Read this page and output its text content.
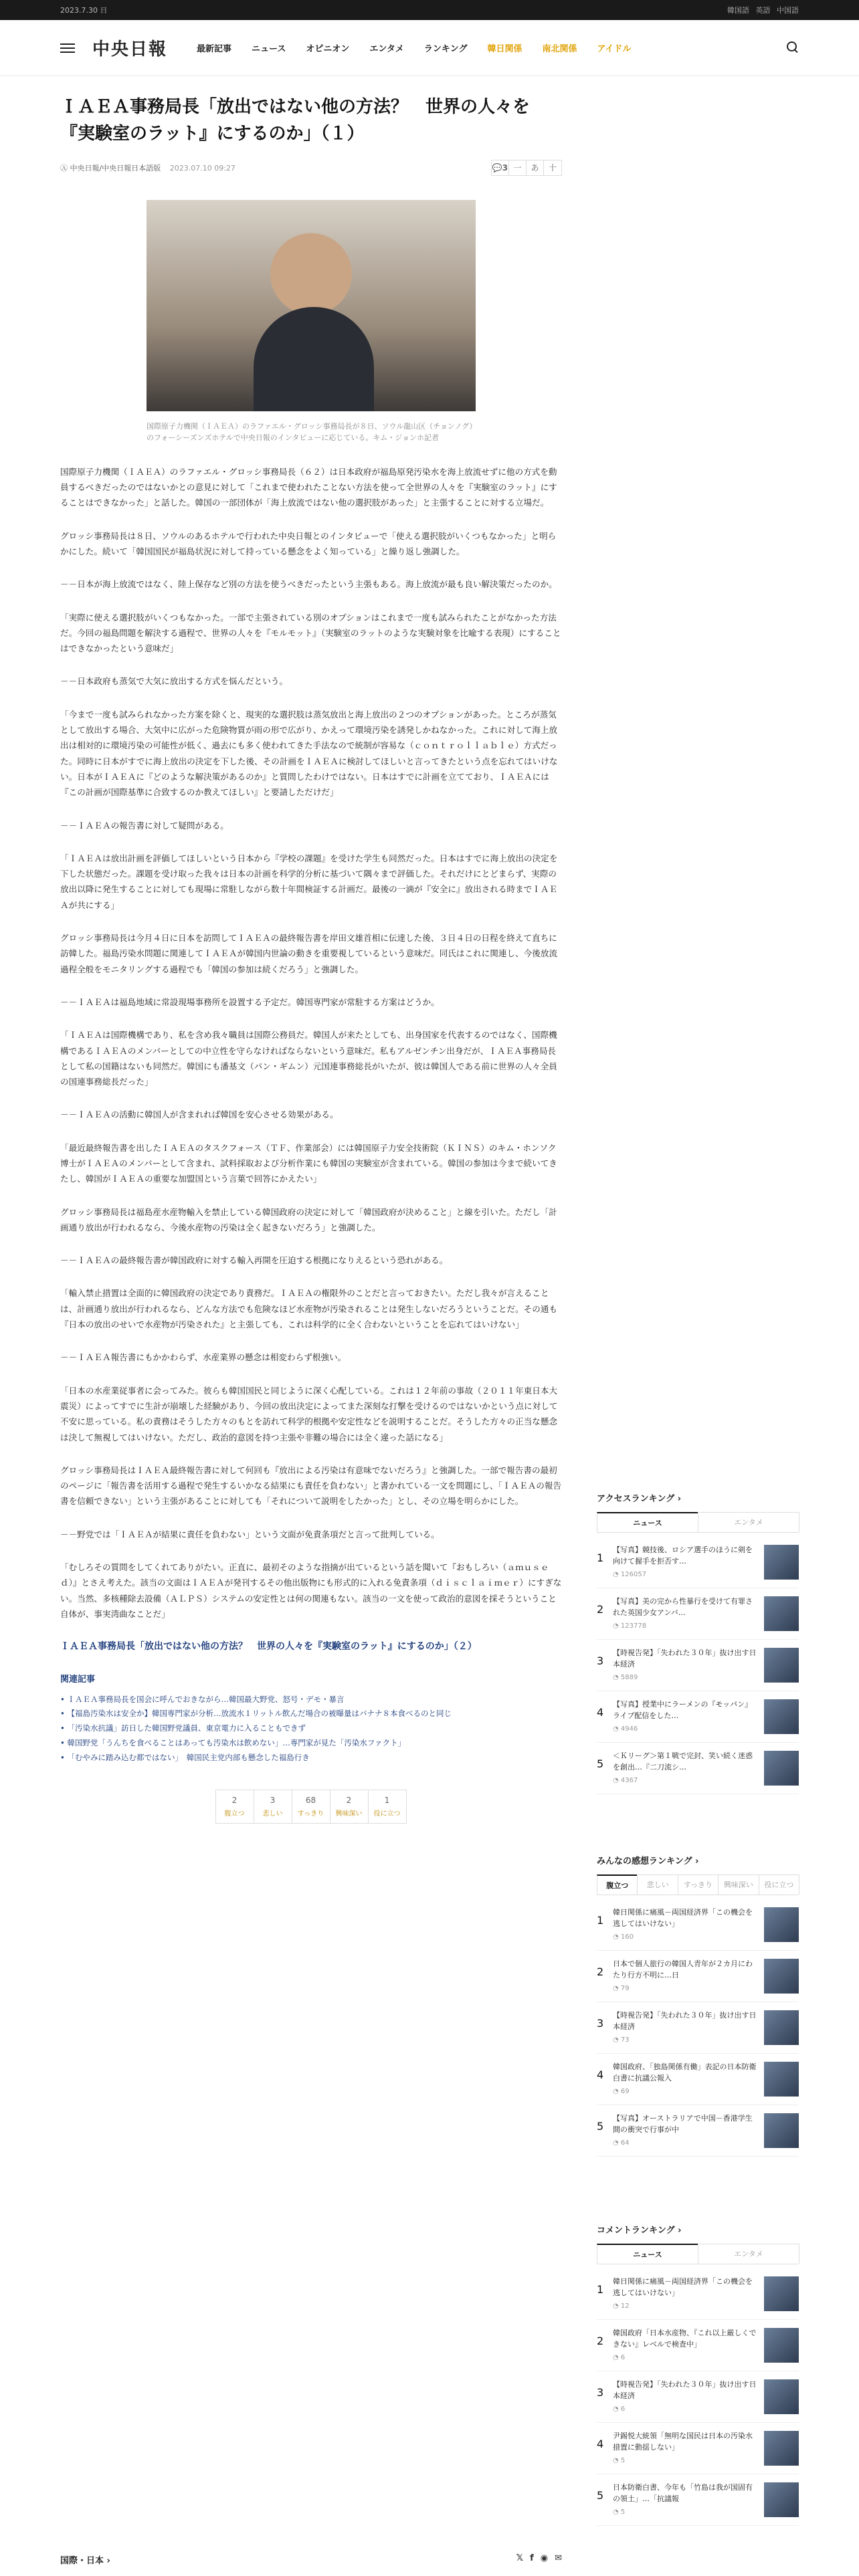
2023.7.30 日	韓国語 英語 中国語
中央日報	最新記事 ニュース オピニオン エンタメ ランキング 韓日関係 南北関係 アイドル
ＩＡＥＡ事務局長「放出ではない他の方法？　世界の人々を『実験室のラット』にするのか」（１）
Ⓐ 中央日報/中央日報日本語版 2023.07.10 09:27	💬 3 一	あ	十
国際原子力機関（ＩＡＥＡ）のラファエル・グロッシ事務局長が８日、ソウル龍山区（チョンノグ）のフォーシーズンズホテルで中央日報のインタビューに応じている。キム・ジョンホ記者

国際原子力機関（ＩＡＥＡ）のラファエル・グロッシ事務局長（６２）は日本政府が福島原発汚染水を海上放流せずに他の方式を動員するべきだったのではないかとの意見に対して「これまで使われたことない方法を使って全世界の人々を『実験室のラット』にすることはできなかった」と話した。韓国の一部団体が「海上放流ではない他の選択肢があった」と主張することに対する立場だ。

グロッシ事務局長は８日、ソウルのあるホテルで行われた中央日報とのインタビューで「使える選択肢がいくつもなかった」と明らかにした。続いて「韓国国民が福島状況に対して持っている懸念をよく知っている」と繰り返し強調した。

－－日本が海上放流ではなく、陸上保存など別の方法を使うべきだったという主張もある。海上放流が最も良い解決策だったのか。

「実際に使える選択肢がいくつもなかった。一部で主張されている別のオプションはこれまで一度も試みられたことがなかった方法だ。今回の福島問題を解決する過程で、世界の人々を『モルモット』（実験室のラットのような実験対象を比喩する表現）にすることはできなかったという意味だ」

－－日本政府も蒸気で大気に放出する方式を悩んだという。

「今まで一度も試みられなかった方案を除くと、現実的な選択肢は蒸気放出と海上放出の２つのオプションがあった。ところが蒸気として放出する場合、大気中に広がった危険物質が雨の形で広がり、かえって環境汚染を誘発しかねなかった。これに対して海上放出は相対的に環境汚染の可能性が低く、過去にも多く使われてきた手法なので統制が容易な（ｃｏｎｔｒｏｌｌａｂｌｅ）方式だった。同時に日本がすでに海上放出の決定を下した後、その計画をＩＡＥＡに検討してほしいと言ってきたという点を忘れてはいけない。日本がＩＡＥＡに『どのような解決策があるのか』と質問したわけではない。日本はすでに計画を立てており、ＩＡＥＡには『この計画が国際基準に合致するのか教えてほしい』と要請しただけだ」

－－ＩＡＥＡの報告書に対して疑問がある。

「ＩＡＥＡは放出計画を評価してほしいという日本から『学校の課題』を受けた学生も同然だった。日本はすでに海上放出の決定を下した状態だった。課題を受け取った我々は日本の計画を科学的分析に基づいて隅々まで評価した。それだけにとどまらず、実際の放出以降に発生することに対しても現場に常駐しながら数十年間検証する計画だ。最後の一滴が『安全に』放出される時までＩＡＥＡが共にする」

グロッシ事務局長は今月４日に日本を訪問してＩＡＥＡの最終報告書を岸田文雄首相に伝達した後、３日４日の日程を終えて直ちに訪韓した。福島汚染水問題に関連してＩＡＥＡが韓国内世論の動きを重要視しているという意味だ。同氏はこれに関連し、今後放流過程全般をモニタリングする過程でも「韓国の参加は続くだろう」と強調した。

－－ＩＡＥＡは福島地域に常設現場事務所を設置する予定だ。韓国専門家が常駐する方案はどうか。

「ＩＡＥＡは国際機構であり、私を含め我々職員は国際公務員だ。韓国人が来たとしても、出身国家を代表するのではなく、国際機構であるＩＡＥＡのメンバーとしての中立性を守らなければならないという意味だ。私もアルゼンチン出身だが、ＩＡＥＡ事務局長として私の国籍はないも同然だ。韓国にも潘基文（パン・ギムン）元国連事務総長がいたが、彼は韓国人である前に世界の人々全員の国連事務総長だった」

－－ＩＡＥＡの活動に韓国人が含まれれば韓国を安心させる効果がある。

「最近最終報告書を出したＩＡＥＡのタスクフォース（ＴＦ、作業部会）には韓国原子力安全技術院（ＫＩＮＳ）のキム・ホンソク博士がＩＡＥＡのメンバーとして含まれ、試料採取および分析作業にも韓国の実験室が含まれている。韓国の参加は今まで続いてきたし、韓国がＩＡＥＡの重要な加盟国という言葉で回答にかえたい」

グロッシ事務局長は福島産水産物輸入を禁止している韓国政府の決定に対して「韓国政府が決めること」と線を引いた。ただし「計画通り放出が行われるなら、今後水産物の汚染は全く起きないだろう」と強調した。

－－ＩＡＥＡの最終報告書が韓国政府に対する輸入再開を圧迫する根拠になりえるという恐れがある。

「輸入禁止措置は全面的に韓国政府の決定であり責務だ。ＩＡＥＡの権限外のことだと言っておきたい。ただし我々が言えることは、計画通り放出が行われるなら、どんな方法でも危険なほど水産物が汚染されることは発生しないだろうということだ。その通も『日本の放出のせいで水産物が汚染された』と主張しても、これは科学的に全く合わないということを忘れてはいけない」

－－ＩＡＥＡ報告書にもかかわらず、水産業界の懸念は相変わらず根強い。

「日本の水産業従事者に会ってみた。彼らも韓国国民と同じように深く心配している。これは１２年前の事故（２０１１年東日本大震災）によってすでに生計が崩壊した経験があり、今回の放出決定によってまた深刻な打撃を受けるのではないかという点に対して不安に思っている。私の責務はそうした方々のもとを訪れて科学的根拠や安定性などを説明することだ。そうした方々の正当な懸念は決して無視してはいけない。ただし、政治的意図を持つ主張や非難の場合には全く違った話になる」

グロッシ事務局長はＩＡＥＡ最終報告書に対して何回も『放出による汚染は有意味でないだろう』と強調した。一部で報告書の最初のページに「報告書を活用する過程で発生するいかなる結果にも責任を負わない」と書かれている一文を問題にし、「ＩＡＥＡの報告書を信頼できない」という主張があることに対しても「それについて説明をしたかった」とし、その立場を明らかにした。

－－野党では「ＩＡＥＡが結果に責任を負わない」という文面が免責条項だと言って批判している。

「むしろその質問をしてくれてありがたい。正直に、最初そのような指摘が出ているという話を聞いて『おもしろい（ａｍｕｓｅｄ）』とさえ考えた。該当の文面はＩＡＥＡが発刊するその他出版物にも形式的に入れる免責条項（ｄｉｓｃｌａｉｍｅｒ）にすぎない。当然、多核種除去設備（ＡＬＰＳ）システムの安定性とは何の関連もない。該当の一文を使って政治的意図を採そうということ自体が、事実湾曲なことだ」

ＩＡＥＡ事務局長「放出ではない他の方法？　世界の人々を『実験室のラット』にするのか」（２）
関連記事
• ＩＡＥＡ事務局長を国会に呼んでおきながら…韓国最大野党、怒号・デモ・暴言
• 【福島汚染水は安全か】韓国専門家が分析…放流水１リットル飲んだ場合の被曝量はバナナ８本食べるのと同じ
• 「汚染水抗議」訪日した韓国野党議員、東京電力に入ることもできず
• 韓国野党「うんちを食べることはあっても汚染水は飲めない」…専門家が見た「汚染水ファクト」
• 「むやみに踏み込む都ではない」　韓国民主党内部も懸念した福島行き
2
腹立つ
3
悲しい
68
すっきり
2
興味深い
1
役に立つ
国際・日本 ›	𝕏 f ◉ ✉
アクセスランキング ›
ニュース	エンタメ
1
【写真】競技後、ロシア選手のほうに剣を向けて握手を拒否す…
◔ 126057
2
【写真】美の完から性暴行を受けて有罪された英国少女アンバ…
◔ 123778
3
【時視告発】「失われた３０年」抜け出す日本経済
◔ 5889
4
【写真】授業中にラーメンの『モッパン』ライブ配信をした…
◔ 4946
5
＜Ｋリーグ＞第１戦で完封、笑い続く迷惑を創出…『二刀流シ…
◔ 4367
みんなの感想ランキング ›
腹立つ	悲しい	すっきり	興味深い	役に立つ
1
韓日関係に痛風－両国経済界「この機会を逃してはいけない」
◔ 160
2
日本で個人旅行の韓国人青年が２カ月にわたり行方不明に…日
◔ 79
3
【時視告発】「失われた３０年」抜け出す日本経済
◔ 73
4
韓国政府、「独島関係有働」表記の日本防衛白書に抗議公報入
◔ 69
5
【写真】オーストラリアで中国－香港学生間の衝突で行事が中
◔ 64
コメントランキング ›
ニュース	エンタメ
1
韓日関係に痛風－両国経済界「この機会を逃してはいけない」
◔ 12
2
韓国政府「日本水産物、『これ以上厳しくできない』レベルで検査中」
◔ 6
3
【時視告発】「失われた３０年」抜け出す日本経済
◔ 6
4
尹錫悦大統領「無明な国民は日本の汚染水措置に動揺しない」
◔ 5
5
日本防衛白書、今年も「竹島は我が国固有の領土」…「抗議報
◔ 5
